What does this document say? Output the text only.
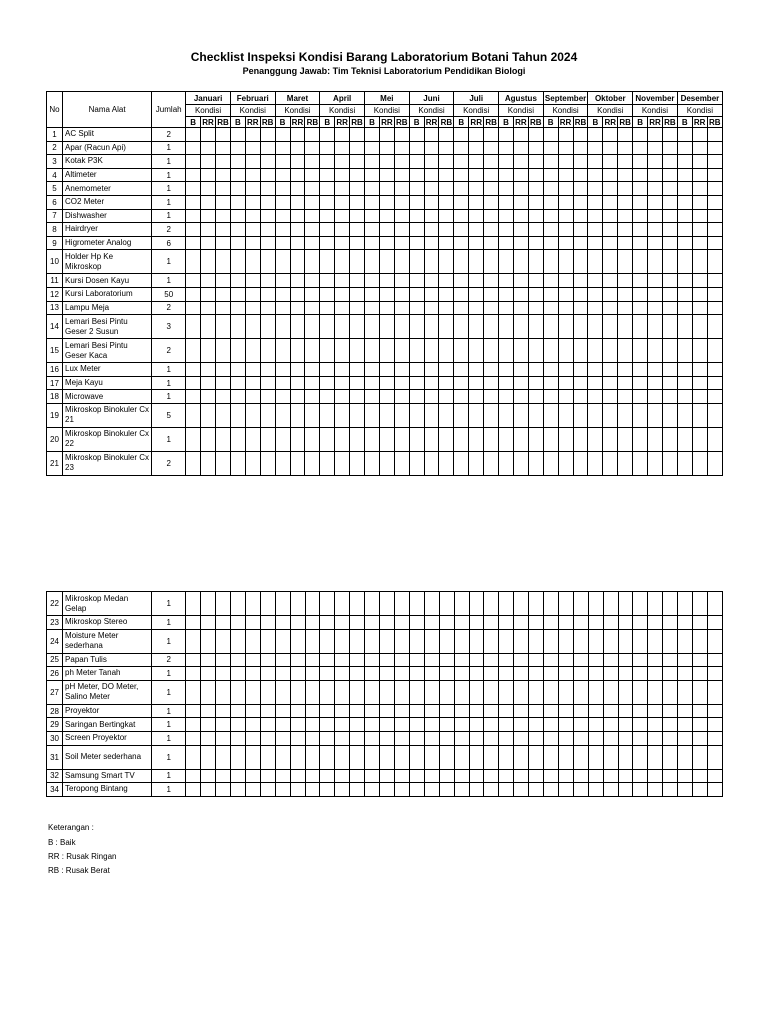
Checklist Inspeksi Kondisi Barang Laboratorium Botani Tahun 2024
Penanggung Jawab: Tim Teknisi Laboratorium Pendidikan Biologi
No	Nama Alat	Jumlah	Januari			Februari			Maret			April			Mei			Juni			Juli			Agustus			September			Oktober			November			Desember		
			Kondisi			Kondisi			Kondisi			Kondisi			Kondisi			Kondisi			Kondisi			Kondisi			Kondisi			Kondisi			Kondisi			Kondisi		
			B	RR	RB	B	RR	RB	B	RR	RB	B	RR	RB	B	RR	RB	B	RR	RB	B	RR	RB	B	RR	RB	B	RR	RB	B	RR	RB	B	RR	RB	B	RR	RB
1	AC Split	2																																				
2	Apar (Racun Api)	1																																				
3	Kotak P3K	1																																				
4	Altimeter	1																																				
5	Anemometer	1																																				
6	CO2 Meter	1																																				
7	Dishwasher	1																																				
8	Hairdryer	2																																				
9	Higrometer Analog	6																																				
10	Holder Hp Ke Mikroskop	1																																				
11	Kursi Dosen Kayu	1																																				
12	Kursi Laboratorium	50																																				
13	Lampu Meja	2																																				
14	Lemari Besi Pintu Geser 2 Susun	3																																				
15	Lemari Besi Pintu Geser Kaca	2																																				
16	Lux Meter	1																																				
17	Meja Kayu	1																																				
18	Microwave	1																																				
19	Mikroskop Binokuler Cx 21	5																																				
20	Mikroskop Binokuler Cx 22	1																																				
21	Mikroskop Binokuler Cx 23	2																																				
22	Mikroskop Medan Gelap	1																																				
23	Mikroskop Stereo	1																																				
24	Moisture Meter sederhana	1																																				
25	Papan Tulis	2																																				
26	ph Meter Tanah	1																																				
27	pH Meter, DO Meter, Salino Meter	1																																				
28	Proyektor	1																																				
29	Saringan Bertingkat	1																																				
30	Screen Proyektor	1																																				
31	Soil Meter sederhana	1																																				
32	Samsung Smart TV	1																																				
34	Teropong Bintang	1																																				
Keterangan :
B : Baik
RR : Rusak Ringan
RB : Rusak Berat
